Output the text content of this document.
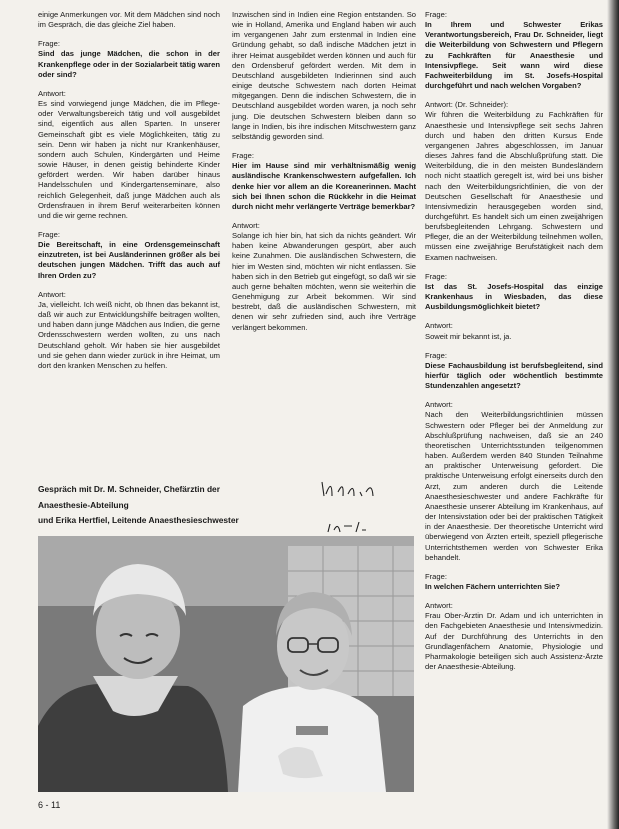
einige Anmerkungen vor. Mit dem Mädchen sind noch im Gespräch, die das gleiche Ziel haben.

Frage:

Sind das junge Mädchen, die schon in der Krankenpflege oder in der Sozialarbeit tätig waren oder sind?

Antwort:

Es sind vorwiegend junge Mädchen, die im Pflege- oder Verwaltungsbereich tätig und voll ausgebildet sind, eigentlich aus allen Sparten. In unserer Gemeinschaft gibt es viele Möglichkeiten, tätig zu sein. Denn wir haben ja nicht nur Krankenhäuser, sondern auch Schulen, Kindergärten und Heime sowie Häuser, in denen geistig behinderte Kinder gefördert werden. Wir haben darüber hinaus Handelsschulen und Kindergartenseminare, also reichlich Gelegenheit, daß junge Mädchen auch als Ordensfrauen in ihrem Beruf weiterarbeiten können und die wir gerne rechnen.

Frage:

Die Bereitschaft, in eine Ordensgemeinschaft einzutreten, ist bei Ausländerinnen größer als bei deutschen jungen Mädchen. Trifft das auch auf Ihren Orden zu?

Antwort:

Ja, vielleicht. Ich weiß nicht, ob Ihnen das bekannt ist, daß wir auch zur Entwicklungshilfe beitragen wollten, und haben dann junge Mädchen aus Indien, die gerne Ordensschwestern werden wollten, zu uns nach Deutschland geholt. Wir haben sie hier ausgebildet und sie gehen dann wieder zurück in ihre Heimat, um dort den kranken Menschen zu helfen.

Inzwischen sind in Indien eine Region entstanden. So wie in Holland, Amerika und England haben wir auch im vergangenen Jahr zum erstenmal in Indien eine Gründung gehabt, so daß indische Mädchen jetzt in ihrer Heimat ausgebildet werden können und auch für den Ordensberuf gefördert werden. Mit dem in Deutschland ausgebildeten Indierinnen sind auch einige deutsche Schwestern nach dorten Heimat mitgegangen. Denn die indischen Schwestern, die in Deutschland ausgebildet worden waren, ja noch sehr jung. Die deutschen Schwestern bleiben dann so lange in Indien, bis ihre indischen Mitschwestern ganz selbständig geworden sind.

Frage:

Hier im Hause sind mir verhältnismäßig wenig ausländische Krankenschwestern aufgefallen. Ich denke hier vor allem an die Koreanerinnen. Macht sich bei Ihnen schon die Rückkehr in die Heimat durch nicht mehr verlängerte Verträge bemerkbar?

Antwort:

Solange ich hier bin, hat sich da nichts geändert. Wir haben keine Abwanderungen gespürt, aber auch keine Zunahmen. Die ausländischen Schwestern, die hier im Westen sind, möchten wir nicht entlassen. Sie haben sich in den Betrieb gut eingefügt, so daß wir sie auch gerne behalten möchten, wenn sie weiterhin die Genehmigung zur Arbeit bekommen. Wir sind bestrebt, daß die ausländischen Schwestern, mit denen wir sehr zufrieden sind, auch ihre Verträge verlängert bekommen.

Frage:

In Ihrem und Schwester Erikas Verantwortungsbereich, Frau Dr. Schneider, liegt die Weiterbildung von Schwestern und Pflegern zu Fachkräften für Anaesthesie und Intensivpflege. Seit wann wird diese Fachweiterbildung im St. Josefs-Hospital durchgeführt und nach welchen Vorgaben?

Antwort: (Dr. Schneider):

Wir führen die Weiterbildung zu Fachkräften für Anaesthesie und Intensivpflege seit sechs Jahren durch und haben den dritten Kursus Ende vergangenen Jahres abgeschlossen, im Januar dieses Jahres fand die Abschlußprüfung statt. Die Weiterbildung, die in den meisten Bundesländern noch nicht staatlich geregelt ist, wird bei uns bisher nach den Weiterbildungsrichtlinien, die von der Deutschen Gesellschaft für Anaesthesie und Intensivmedizin herausgegeben worden sind, durchgeführt. Es handelt sich um einen zweijährigen berufsbegleitenden Lehrgang. Schwestern und Pfleger, die an der Weiterbildung teilnehmen wollen, müssen eine zweijährige Berufstätigkeit nach dem Examen nachweisen.

Frage:

Ist das St. Josefs-Hospital das einzige Krankenhaus in Wiesbaden, das diese Ausbildungsmöglichkeit bietet?

Antwort:

Soweit mir bekannt ist, ja.

Frage:

Diese Fachausbildung ist berufsbegleitend, sind hierfür täglich oder wöchentlich bestimmte Stundenzahlen angesetzt?

Antwort:

Nach den Weiterbildungsrichtlinien müssen Schwestern oder Pfleger bei der Anmeldung zur Abschlußprüfung nachweisen, daß sie an 240 theoretischen Unterrichtsstunden teilgenommen haben. Außerdem werden 840 Stunden Teilnahme an praktischer Unterweisung gefordert. Die praktische Unterweisung erfolgt einerseits durch den Arzt, zum anderen durch die Leitende Anaesthesieschwester und andere Fachkräfte für Anaesthesie unserer Abteilung im Krankenhaus, auf der Intensivstation oder bei der praktischen Tätigkeit in der Anaesthesie. Der theoretische Unterricht wird überwiegend von Ärzten erteilt, speziell pflegerische Unterrichtsthemen werden von Schwester Erika behandelt.

Frage:

In welchen Fächern unterrichten Sie?

Antwort:

Frau Ober-Ärztin Dr. Adam und ich unterrichten in den Fachgebieten Anaesthesie und Intensivmedizin. Auf der Durchführung des Unterrichts in den Grundlagenfächern Anatomie, Physiologie und Pharmakologie beteiligen sich auch Assistenz-Ärzte der Anaesthesie-Abteilung.

Gespräch mit Dr. M. Schneider, Chefärztin der
Anaesthesie-Abteilung
und Erika Hertfiel, Leitende Anaesthesieschwester
6 - 11
